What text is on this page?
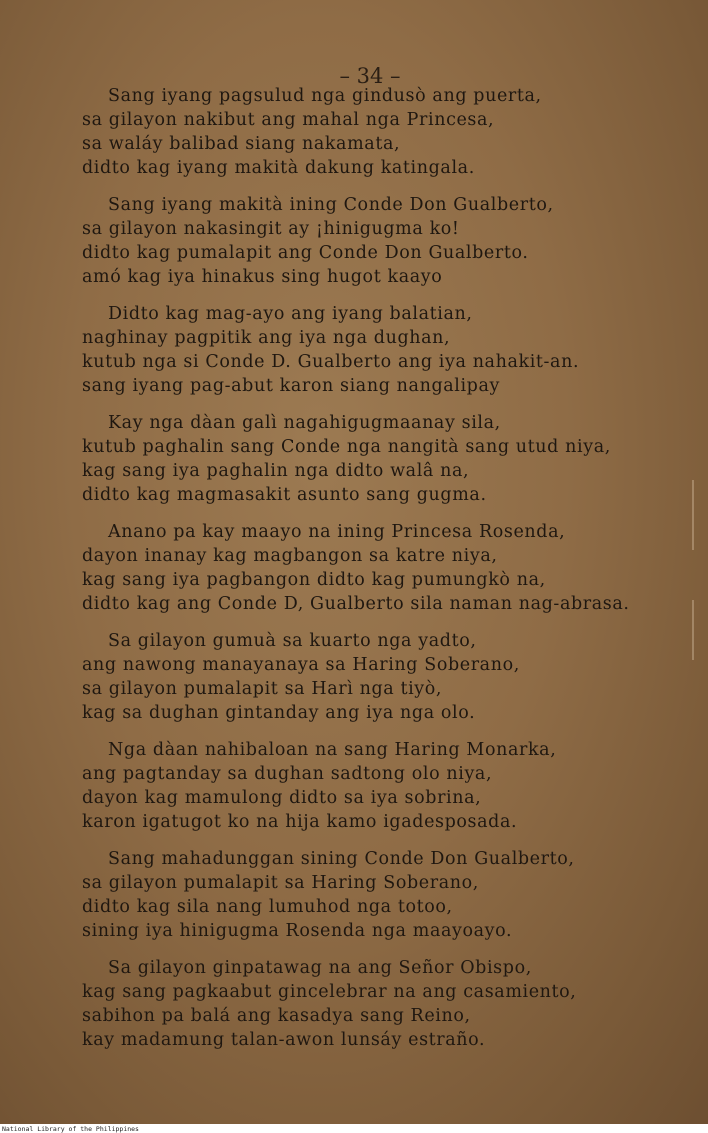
– 34 –
Sang iyang pagsulud nga gindusò ang puerta,
sa gilayon nakibut ang mahal nga Princesa,
sa waláy balibad siang nakamata,
didto kag iyang makità dakung katingala.
Sang iyang makità ining Conde Don Gualberto,
sa gilayon nakasingit ay ¡hinigugma ko!
didto kag pumalapit ang Conde Don Gualberto.
amó kag iya hinakus sing hugot kaayo
Didto kag mag-ayo ang iyang balatian,
naghinay pagpitik ang iya nga dughan,
kutub nga si Conde D. Gualberto ang iya nahakit-an.
sang iyang pag-abut karon siang nangalipay
Kay nga dàan galì nagahigugmaanay sila,
kutub paghalin sang Conde nga nangità sang utud niya,
kag sang iya paghalin nga didto walâ na,
didto kag magmasakit asunto sang gugma.
Anano pa kay maayo na ining Princesa Rosenda,
dayon inanay kag magbangon sa katre niya,
kag sang iya pagbangon didto kag pumungkò na,
didto kag ang Conde D, Gualberto sila naman nag-abrasa.
Sa gilayon gumuà sa kuarto nga yadto,
ang nawong manayanaya sa Haring Soberano,
sa gilayon pumalapit sa Harì nga tiyò,
kag sa dughan gintanday ang iya nga olo.
Nga dàan nahibaloan na sang Haring Monarka,
ang pagtanday sa dughan sadtong olo niya,
dayon kag mamulong didto sa iya sobrina,
karon igatugot ko na hija kamo igadesposada.
Sang mahadunggan sining Conde Don Gualberto,
sa gilayon pumalapit sa Haring Soberano,
didto kag sila nang lumuhod nga totoo,
sining iya hinigugma Rosenda nga maayoayo.
Sa gilayon ginpatawag na ang Señor Obispo,
kag sang pagkaabut gincelebrar na ang casamiento,
sabihon pa balá ang kasadya sang Reino,
kay madamung talan-awon lunsáy estraño.
National Library of the Philippines
